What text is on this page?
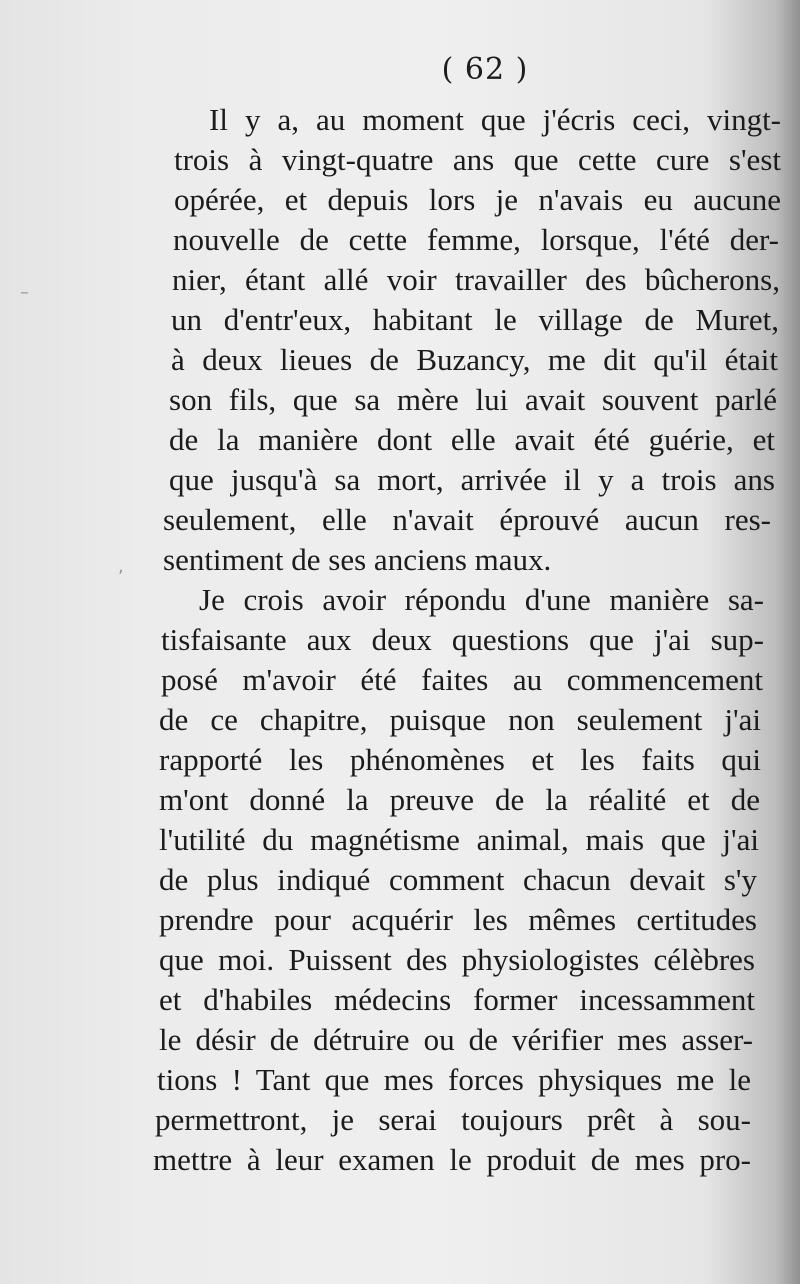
( 62 )
–
,
Il y a, au moment que j'écris ceci, vingt-
trois à vingt-quatre ans que cette cure s'est
opérée, et depuis lors je n'avais eu aucune
nouvelle de cette femme, lorsque, l'été der-
nier, étant allé voir travailler des bûcherons,
un d'entr'eux, habitant le village de Muret,
à deux lieues de Buzancy, me dit qu'il était
son fils, que sa mère lui avait souvent parlé
de la manière dont elle avait été guérie, et
que jusqu'à sa mort, arrivée il y a trois ans
seulement, elle n'avait éprouvé aucun res-
sentiment de ses anciens maux.
Je crois avoir répondu d'une manière sa-
tisfaisante aux deux questions que j'ai sup-
posé m'avoir été faites au commencement
de ce chapitre, puisque non seulement j'ai
rapporté les phénomènes et les faits qui
m'ont donné la preuve de la réalité et de
l'utilité du magnétisme animal, mais que j'ai
de plus indiqué comment chacun devait s'y
prendre pour acquérir les mêmes certitudes
que moi. Puissent des physiologistes célèbres
et d'habiles médecins former incessamment
le désir de détruire ou de vérifier mes asser-
tions ! Tant que mes forces physiques me le
permettront, je serai toujours prêt à sou-
mettre à leur examen le produit de mes pro-
